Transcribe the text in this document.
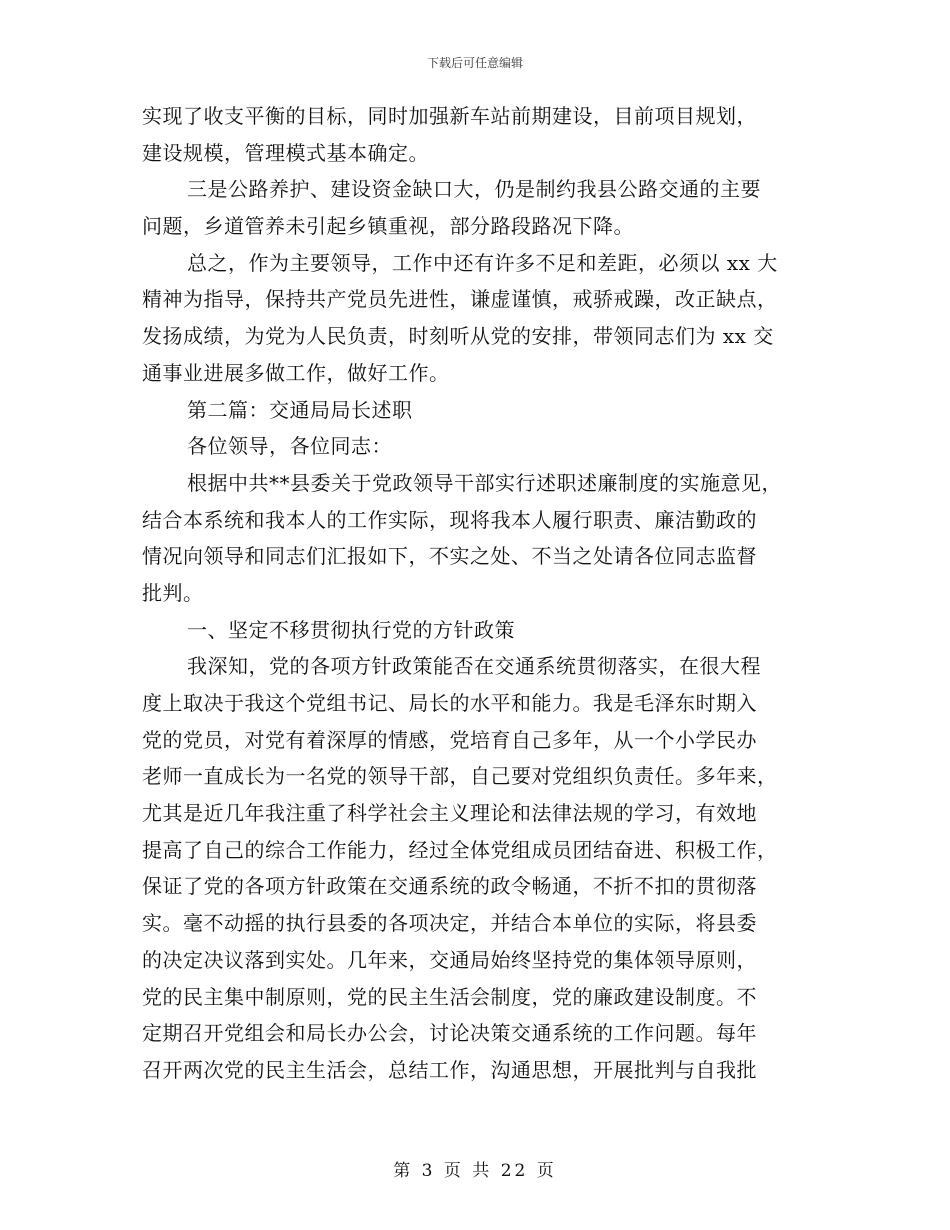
下载后可任意编辑
实现了收支平衡的目标，同时加强新车站前期建设，目前项目规划，
建设规模，管理模式基本确定。
三是公路养护、建设资金缺口大，仍是制约我县公路交通的主要
问题，乡道管养未引起乡镇重视，部分路段路况下降。
总之，作为主要领导，工作中还有许多不足和差距，必须以 xx 大
精神为指导，保持共产党员先进性，谦虚谨慎，戒骄戒躁，改正缺点，
发扬成绩，为党为人民负责，时刻听从党的安排，带领同志们为 xx 交
通事业进展多做工作，做好工作。
第二篇：交通局局长述职
各位领导，各位同志：
根据中共**县委关于党政领导干部实行述职述廉制度的实施意见，
结合本系统和我本人的工作实际，现将我本人履行职责、廉洁勤政的
情况向领导和同志们汇报如下，不实之处、不当之处请各位同志监督
批判。
一、坚定不移贯彻执行党的方针政策
我深知，党的各项方针政策能否在交通系统贯彻落实，在很大程
度上取决于我这个党组书记、局长的水平和能力。我是毛泽东时期入
党的党员，对党有着深厚的情感，党培育自己多年，从一个小学民办
老师一直成长为一名党的领导干部，自己要对党组织负责任。多年来，
尤其是近几年我注重了科学社会主义理论和法律法规的学习，有效地
提高了自己的综合工作能力，经过全体党组成员团结奋进、积极工作，
保证了党的各项方针政策在交通系统的政令畅通，不折不扣的贯彻落
实。毫不动摇的执行县委的各项决定，并结合本单位的实际，将县委
的决定决议落到实处。几年来，交通局始终坚持党的集体领导原则，
党的民主集中制原则，党的民主生活会制度，党的廉政建设制度。不
定期召开党组会和局长办公会，讨论决策交通系统的工作问题。每年
召开两次党的民主生活会，总结工作，沟通思想，开展批判与自我批
第 3 页 共 22 页
